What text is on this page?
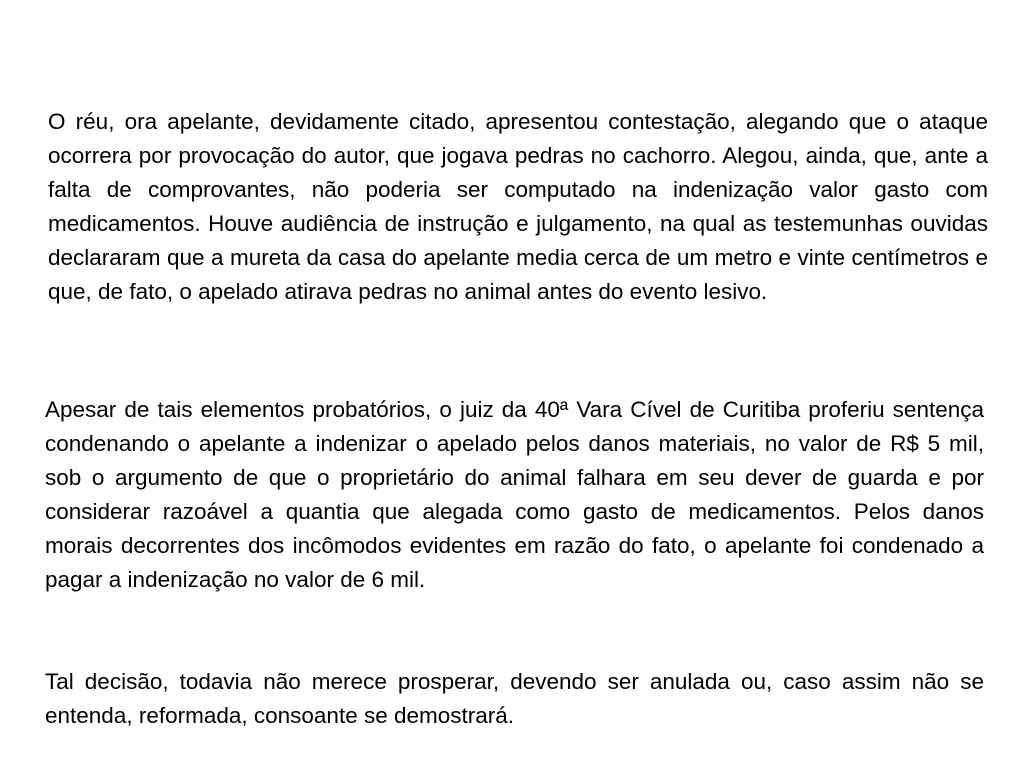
O réu, ora apelante, devidamente citado, apresentou contestação, alegando que o ataque ocorrera por provocação do autor, que jogava pedras no cachorro. Alegou, ainda, que, ante a falta de comprovantes, não poderia ser computado na indenização valor gasto com medicamentos. Houve audiência de instrução e julgamento, na qual as testemunhas ouvidas declararam que a mureta da casa do apelante media cerca de um metro e vinte centímetros e que, de fato, o apelado atirava pedras no animal antes do evento lesivo.

Apesar de tais elementos probatórios, o juiz da 40ª Vara Cível de Curitiba proferiu sentença condenando o apelante a indenizar o apelado pelos danos materiais, no valor de R$ 5 mil, sob o argumento de que o proprietário do animal falhara em seu dever de guarda e por considerar razoável a quantia que alegada como gasto de medicamentos. Pelos danos morais decorrentes dos incômodos evidentes em razão do fato, o apelante foi condenado a pagar a indenização no valor de 6 mil.

Tal decisão, todavia não merece prosperar, devendo ser anulada ou, caso assim não se entenda, reformada, consoante se demostrará.
